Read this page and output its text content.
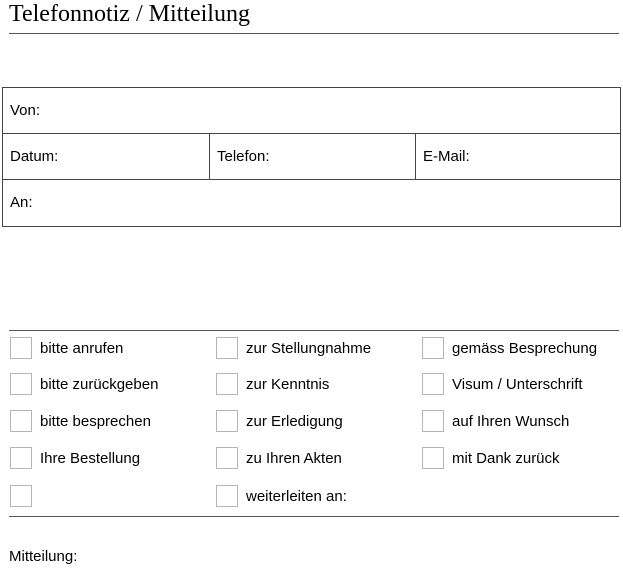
Telefonnotiz / Mitteilung
Von:
Datum:	Telefon:	E-Mail:
An:
bitte anrufen
bitte zurückgeben
bitte besprechen
Ihre Bestellung
zur Stellungnahme
zur Kenntnis
zur Erledigung
zu Ihren Akten
weiterleiten an:
gemäss Besprechung
Visum / Unterschrift
auf Ihren Wunsch
mit Dank zurück
Mitteilung:
